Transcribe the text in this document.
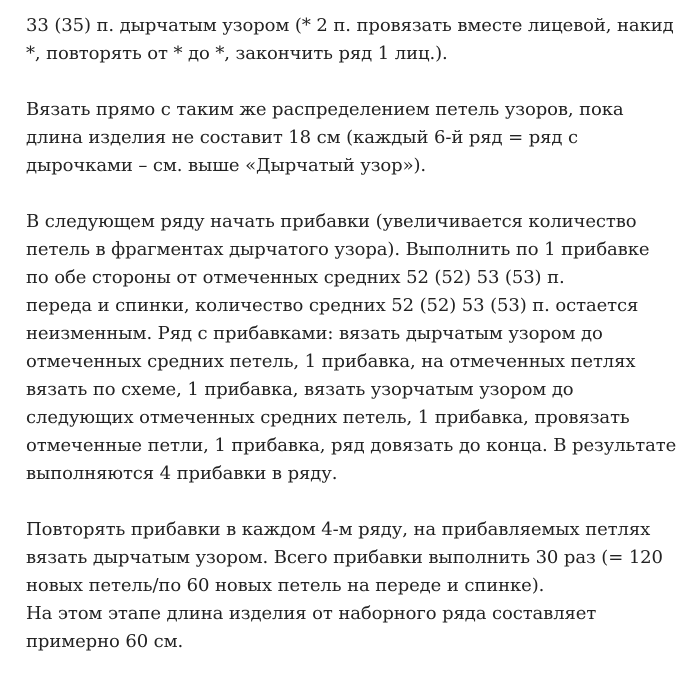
33 (35) п. дырчатым узором (* 2 п. провязать вместе лицевой, накид
*, повторять от * до *, закончить ряд 1 лиц.).

Вязать прямо с таким же распределением петель узоров, пока
длина изделия не составит 18 см (каждый 6-й ряд = ряд с
дырочками – см. выше «Дырчатый узор»).

В следующем ряду начать прибавки (увеличивается количество
петель в фрагментах дырчатого узора). Выполнить по 1 прибавке
по обе стороны от отмеченных средних 52 (52) 53 (53) п.
переда и спинки, количество средних 52 (52) 53 (53) п. остается
неизменным. Ряд с прибавками: вязать дырчатым узором до
отмеченных средних петель, 1 прибавка, на отмеченных петлях
вязать по схеме, 1 прибавка, вязать узорчатым узором до
следующих отмеченных средних петель, 1 прибавка, провязать
отмеченные петли, 1 прибавка, ряд довязать до конца. В результате
выполняются 4 прибавки в ряду.

Повторять прибавки в каждом 4-м ряду, на прибавляемых петлях
вязать дырчатым узором. Всего прибавки выполнить 30 раз (= 120
новых петель/по 60 новых петель на переде и спинке).
На этом этапе длина изделия от наборного ряда составляет
примерно 60 см.
